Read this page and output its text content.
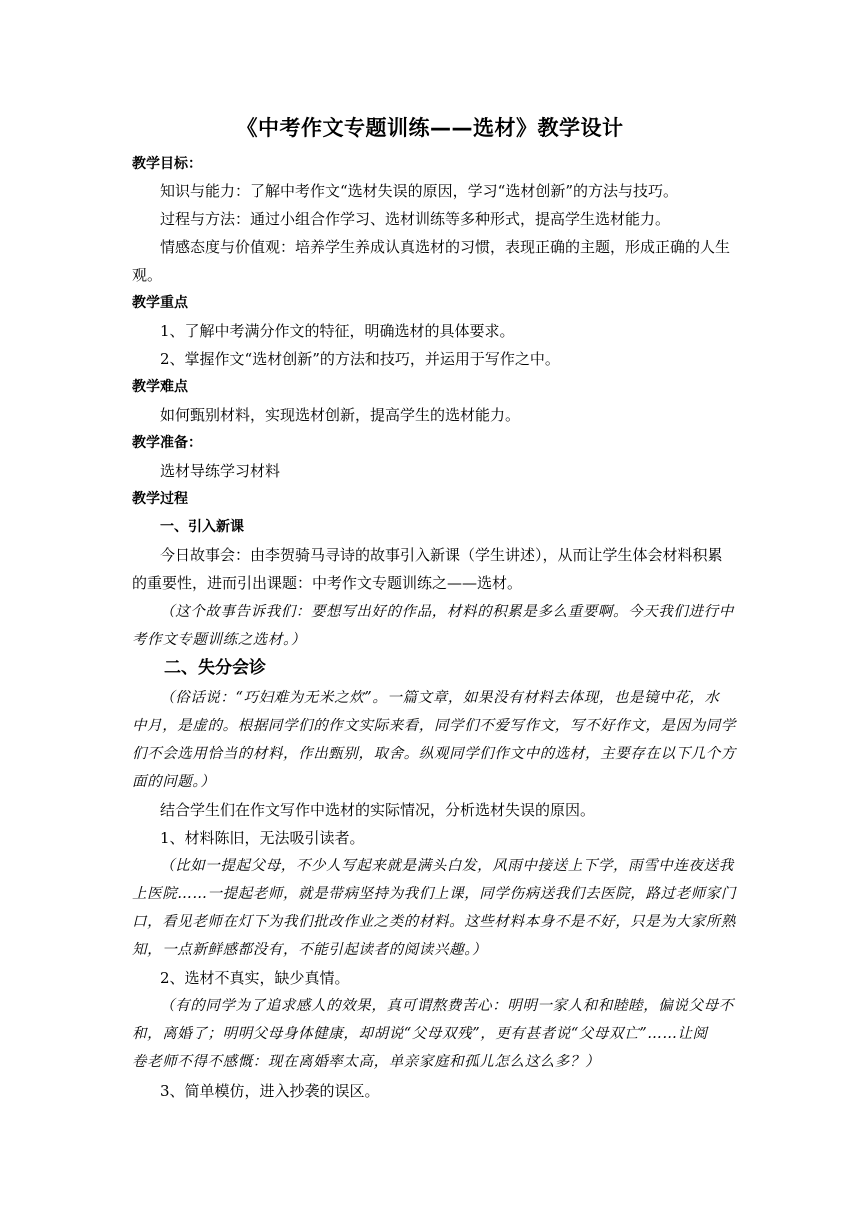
《中考作文专题训练——选材》教学设计
教学目标：
知识与能力：了解中考作文“选材失误的原因，学习“选材创新”的方法与技巧。
过程与方法：通过小组合作学习、选材训练等多种形式，提高学生选材能力。
情感态度与价值观：培养学生养成认真选材的习惯，表现正确的主题，形成正确的人生
观。
教学重点
1、了解中考满分作文的特征，明确选材的具体要求。
2、掌握作文“选材创新”的方法和技巧，并运用于写作之中。
教学难点
如何甄别材料，实现选材创新，提高学生的选材能力。
教学准备：
选材导练学习材料
教学过程
一、引入新课
今日故事会：由李贺骑马寻诗的故事引入新课（学生讲述），从而让学生体会材料积累
的重要性，进而引出课题：中考作文专题训练之——选材。
（这个故事告诉我们：要想写出好的作品，材料的积累是多么重要啊。今天我们进行中
考作文专题训练之选材。）
二、失分会诊
（俗话说：“巧妇难为无米之炊”。一篇文章，如果没有材料去体现，也是镜中花，水
中月，是虚的。根据同学们的作文实际来看，同学们不爱写作文，写不好作文，是因为同学
们不会选用恰当的材料，作出甄别，取舍。纵观同学们作文中的选材，主要存在以下几个方
面的问题。）
结合学生们在作文写作中选材的实际情况，分析选材失误的原因。
1、材料陈旧，无法吸引读者。
（比如一提起父母，不少人写起来就是满头白发，风雨中接送上下学，雨雪中连夜送我
上医院……一提起老师，就是带病坚持为我们上课，同学伤病送我们去医院，路过老师家门
口，看见老师在灯下为我们批改作业之类的材料。这些材料本身不是不好，只是为大家所熟
知，一点新鲜感都没有，不能引起读者的阅读兴趣。）
2、选材不真实，缺少真情。
（有的同学为了追求感人的效果，真可谓熬费苦心：明明一家人和和睦睦，偏说父母不
和，离婚了；明明父母身体健康，却胡说“父母双残”，更有甚者说“父母双亡”……让阅
卷老师不得不感慨：现在离婚率太高，单亲家庭和孤儿怎么这么多？）
3、简单模仿，进入抄袭的误区。
